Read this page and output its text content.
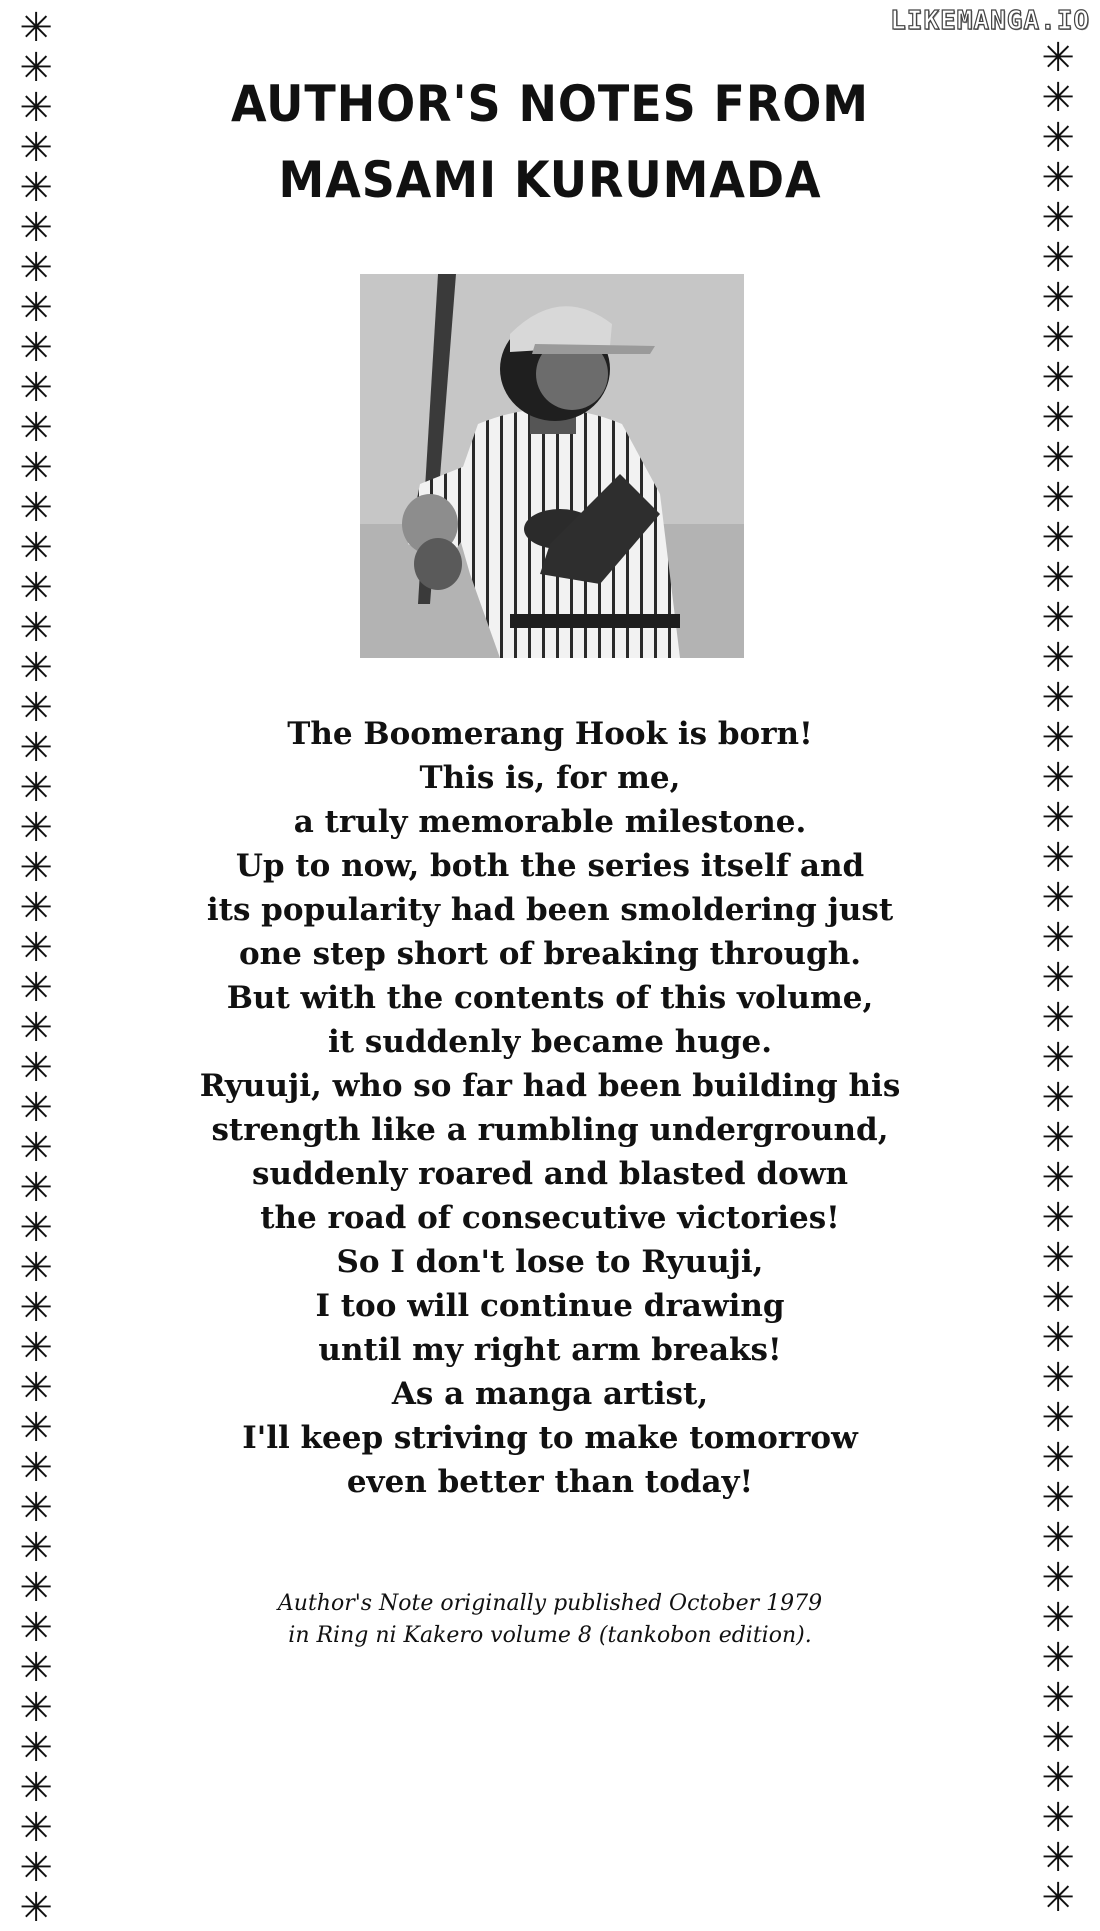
✳
✳
✳
✳
✳
✳
✳
✳
✳
✳
✳
✳
✳
✳
✳
✳
✳
✳
✳
✳
✳
✳
✳
✳
✳
✳
✳
✳
✳
✳
✳
✳
✳
✳
✳
✳
✳
✳
✳
✳
✳
✳
✳
✳
✳
✳
✳
✳
✳
✳
✳
✳
✳
✳
✳
✳
✳
✳
✳
✳
✳
✳
✳
✳
✳
✳
✳
✳
✳
✳
✳
✳
✳
✳
✳
✳
✳
✳
✳
✳
✳
✳
✳
✳
✳
✳
✳
✳
✳
✳
✳
✳
✳
✳
✳
LIKEMANGA.IO
AUTHOR'S NOTES FROM
MASAMI KURUMADA
The Boomerang Hook is born!
This is, for me,
a truly memorable milestone.
Up to now, both the series itself and
its popularity had been smoldering just
one step short of breaking through.
But with the contents of this volume,
it suddenly became huge.
Ryuuji, who so far had been building his
strength like a rumbling underground,
suddenly roared and blasted down
the road of consecutive victories!
So I don't lose to Ryuuji,
I too will continue drawing
until my right arm breaks!
As a manga artist,
I'll keep striving to make tomorrow
even better than today!
Author's Note originally published October 1979
in Ring ni Kakero volume 8 (tankobon edition).
